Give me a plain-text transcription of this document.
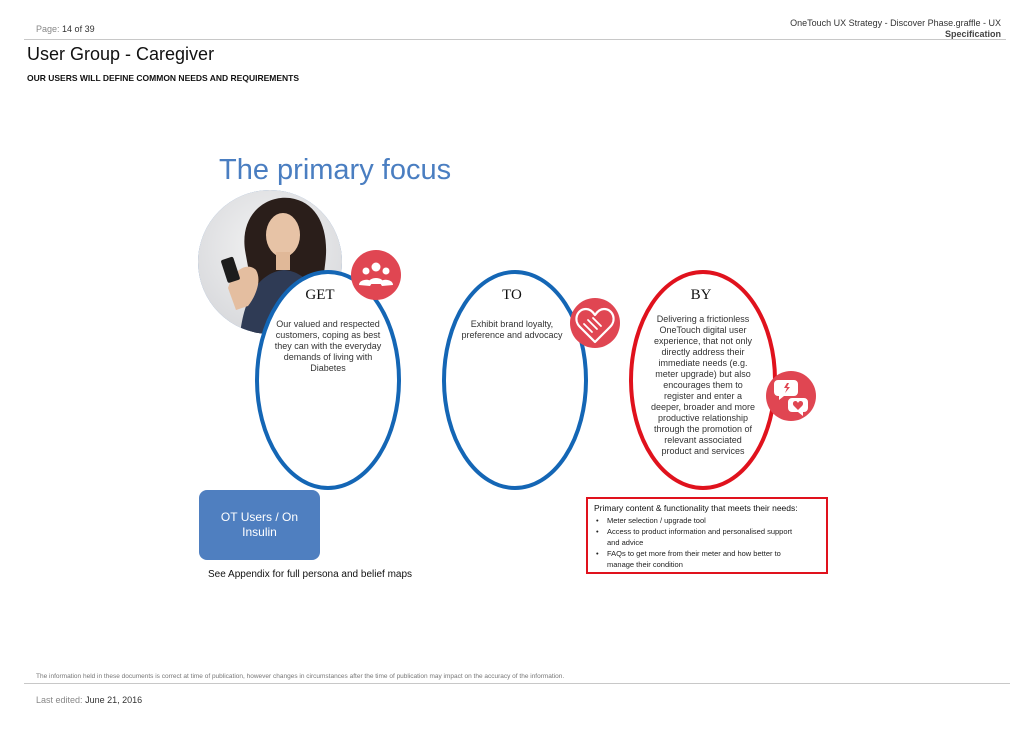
Page: 14 of 39
OneTouch UX Strategy - Discover Phase.graffle - UX
Specification
User Group - Caregiver
OUR USERS WILL DEFINE COMMON NEEDS AND REQUIREMENTS
The primary focus
GET	TO	BY
Our valued and respected
customers, coping as best
they can with the everyday
demands of living with
Diabetes
Exhibit brand loyalty,
preference and advocacy
Delivering a frictionless
OneTouch digital user
experience, that not only
directly address their
immediate needs (e.g.
meter upgrade) but also
encourages them to
register and enter a
deeper, broader and more
productive relationship
through the promotion of
relevant associated
product and services
OT Users / On
Insulin
See Appendix for full persona and belief maps
Primary content & functionality that meets their needs:
• Meter selection / upgrade tool
• Access to product information and personalised support
and advice
• FAQs to get more from their meter and how better to
manage their condition
The information held in these documents is correct at time of publication, however changes in circumstances after the time of publication may impact on the accuracy of the information.
Last edited: June 21, 2016
